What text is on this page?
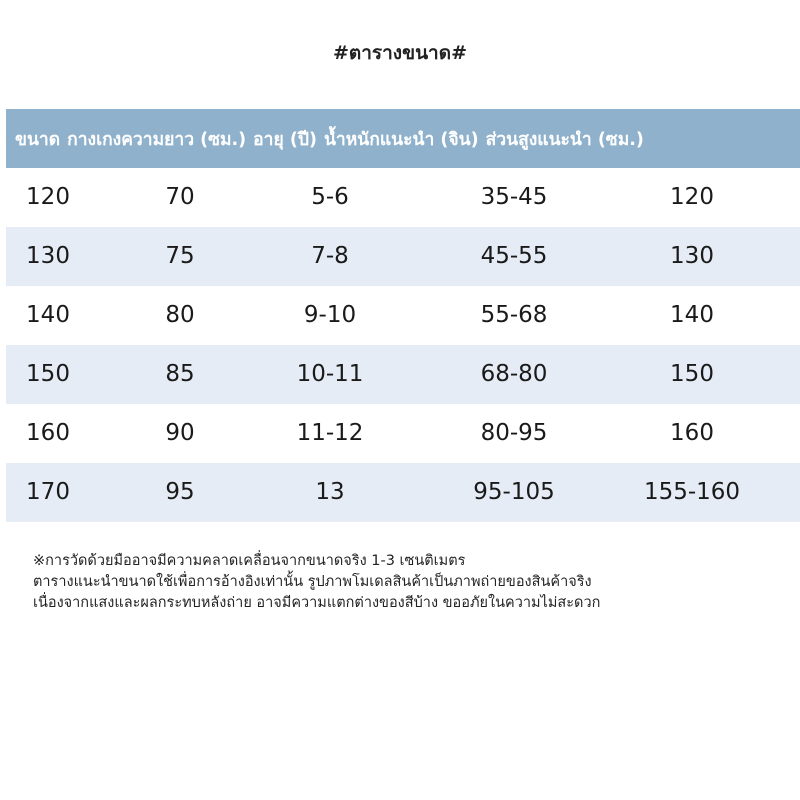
#ตารางขนาด#
ขนาด กางเกงความยาว (ซม.) อายุ (ปี) น้ำหนักแนะนำ (จิน) ส่วนสูงแนะนำ (ซม.)
120	70	5-6	35-45	120
130	75	7-8	45-55	130
140	80	9-10	55-68	140
150	85	10-11	68-80	150
160	90	11-12	80-95	160
170	95	13	95-105	155-160
※การวัดด้วยมืออาจมีความคลาดเคลื่อนจากขนาดจริง 1-3 เซนติเมตร
ตารางแนะนำขนาดใช้เพื่อการอ้างอิงเท่านั้น รูปภาพโมเดลสินค้าเป็นภาพถ่ายของสินค้าจริง
เนื่องจากแสงและผลกระทบหลังถ่าย อาจมีความแตกต่างของสีบ้าง ขออภัยในความไม่สะดวก
